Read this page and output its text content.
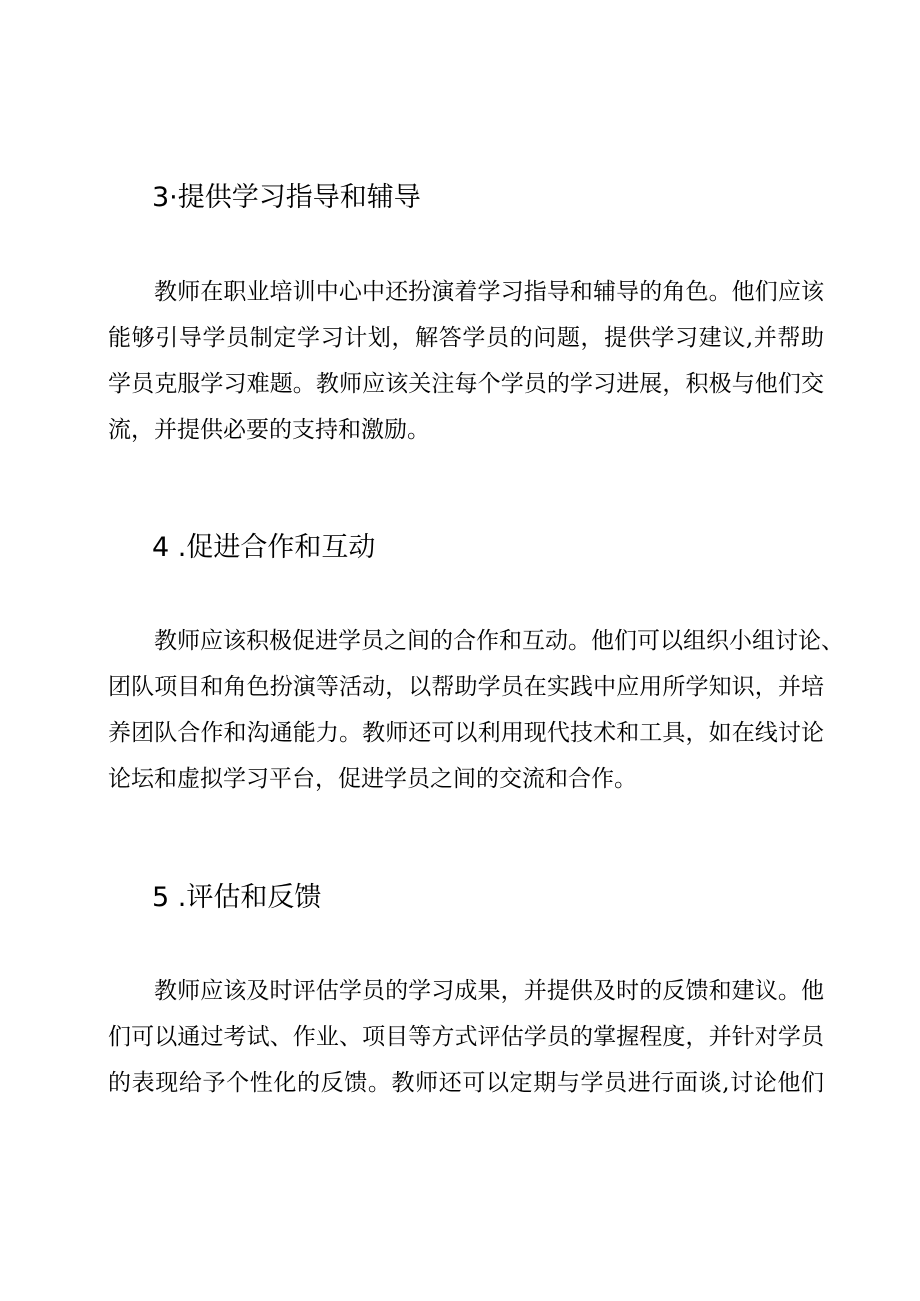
3·提供学习指导和辅导
教师在职业培训中心中还扮演着学习指导和辅导的角色。他们应该
能够引导学员制定学习计划，解答学员的问题，提供学习建议,并帮助
学员克服学习难题。教师应该关注每个学员的学习进展，积极与他们交
流，并提供必要的支持和激励。
4 .促进合作和互动
教师应该积极促进学员之间的合作和互动。他们可以组织小组讨论、
团队项目和角色扮演等活动，以帮助学员在实践中应用所学知识，并培
养团队合作和沟通能力。教师还可以利用现代技术和工具，如在线讨论
论坛和虚拟学习平台，促进学员之间的交流和合作。
5 .评估和反馈
教师应该及时评估学员的学习成果，并提供及时的反馈和建议。他
们可以通过考试、作业、项目等方式评估学员的掌握程度，并针对学员
的表现给予个性化的反馈。教师还可以定期与学员进行面谈,讨论他们
